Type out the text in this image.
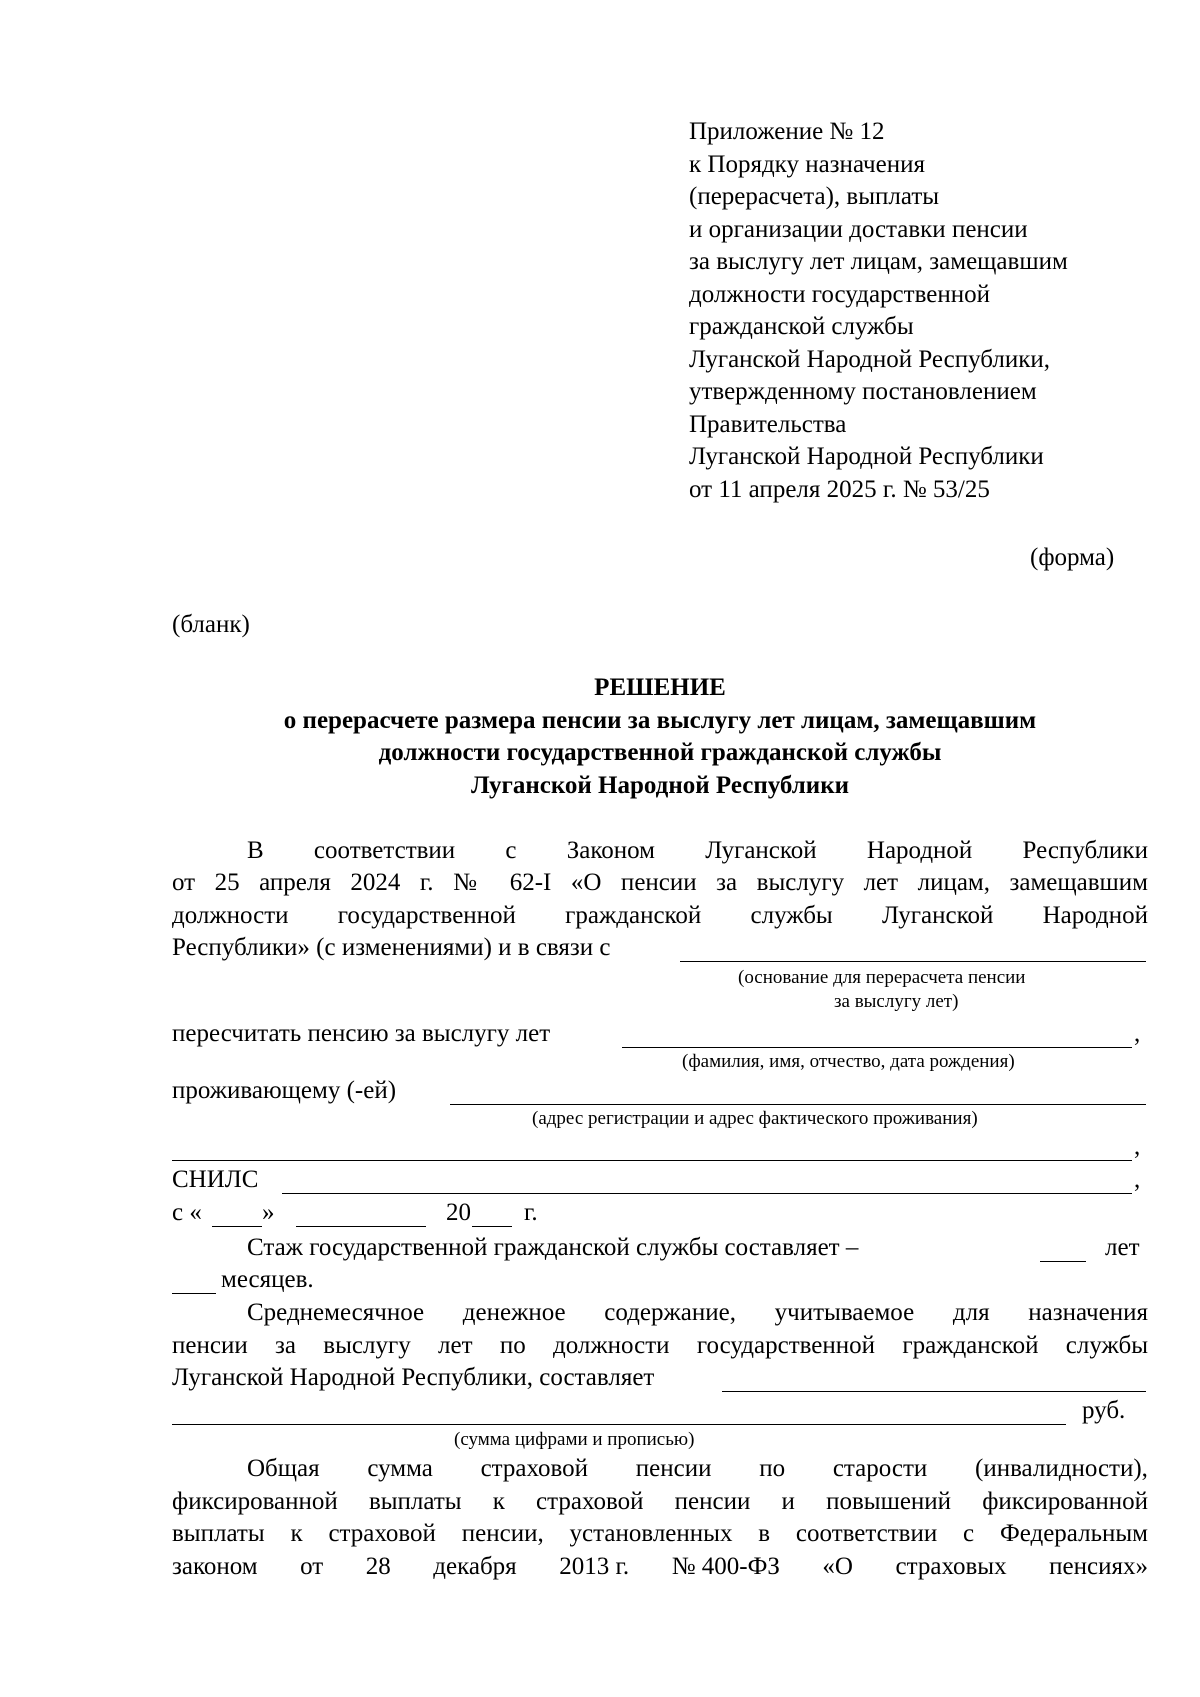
Приложение № 12
к Порядку назначения
(перерасчета), выплаты
и организации доставки пенсии
за выслугу лет лицам, замещавшим
должности государственной
гражданской службы
Луганской Народной Республики,
утвержденному постановлением
Правительства
Луганской Народной Республики
от 11 апреля 2025 г. № 53/25
(форма)
(бланк)
РЕШЕНИЕ
о перерасчете размера пенсии за выслугу лет лицам, замещавшим
должности государственной гражданской службы
Луганской Народной Республики
В соответствии с Законом Луганской Народной Республики
от 25 апреля 2024 г. № 62-I «О пенсии за выслугу лет лицам, замещавшим
должности государственной гражданской службы Луганской Народной
Республики» (с изменениями) и в связи с
(основание для перерасчета пенсии
за выслугу лет)
пересчитать пенсию за выслугу лет	,
(фамилия, имя, отчество, дата рождения)
проживающему (-ей)
(адрес регистрации и адрес фактического проживания)
,
СНИЛС	,
с « »	20 г.
Стаж государственной гражданской службы составляет –	лет
месяцев.
Среднемесячное денежное содержание, учитываемое для назначения
пенсии за выслугу лет по должности государственной гражданской службы
Луганской Народной Республики, составляет
руб.
(сумма цифрами и прописью)
Общая сумма страховой пенсии по старости (инвалидности),
фиксированной выплаты к страховой пенсии и повышений фиксированной
выплаты к страховой пенсии, установленных в соответствии с Федеральным
законом от 28 декабря 2013 г. № 400-ФЗ «О страховых пенсиях»
